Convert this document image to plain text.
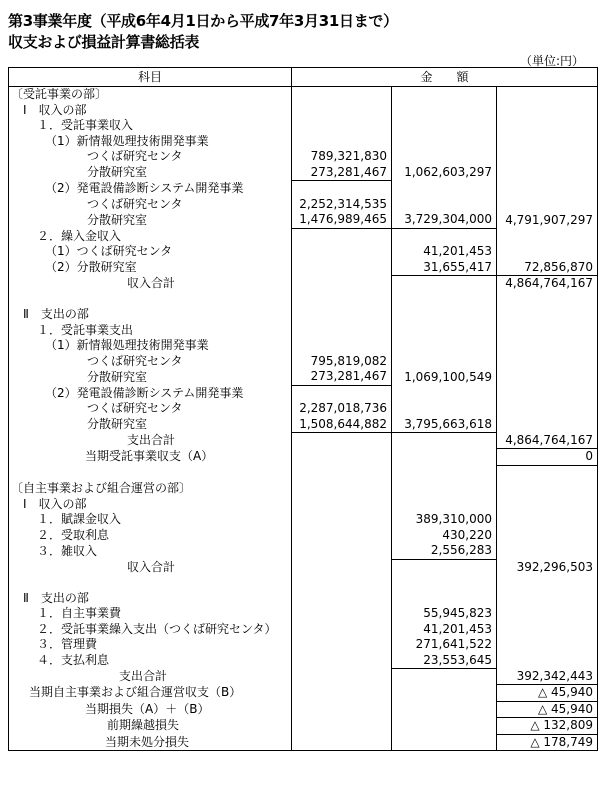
第3事業年度（平成6年4月1日から平成7年3月31日まで）
収支および損益計算書総括表
（単位:円）
科目	金　　額		
〔受託事業の部〕			
Ⅰ　収入の部			
１．受託事業収入			
（1）新情報処理技術開発事業			
つくば研究センタ	789,321,830		
分散研究室	273,281,467	1,062,603,297	
（2）発電設備診断システム開発事業			
つくば研究センタ	2,252,314,535		
分散研究室	1,476,989,465	3,729,304,000	4,791,907,297
２．繰入金収入			
（1）つくば研究センタ		41,201,453	
（2）分散研究室		31,655,417	72,856,870
収入合計			4,864,764,167

Ⅱ　支出の部			
１．受託事業支出			
（1）新情報処理技術開発事業			
つくば研究センタ	795,819,082		
分散研究室	273,281,467	1,069,100,549	
（2）発電設備診断システム開発事業			
つくば研究センタ	2,287,018,736		
分散研究室	1,508,644,882	3,795,663,618	
支出合計			4,864,764,167
当期受託事業収支（A）			0

〔自主事業および組合運営の部〕			
Ⅰ　収入の部			
１．賦課金収入		389,310,000	
２．受取利息		430,220	
３．雑収入		2,556,283	
収入合計			392,296,503

Ⅱ　支出の部			
１．自主事業費		55,945,823	
２．受託事業繰入支出（つくば研究センタ）		41,201,453	
３．管理費		271,641,522	
４．支払利息		23,553,645	
支出合計			392,342,443
当期自主事業および組合運営収支（B）			△ 45,940
当期損失（A）＋（B）			△ 45,940
前期繰越損失			△ 132,809
当期未処分損失			△ 178,749
